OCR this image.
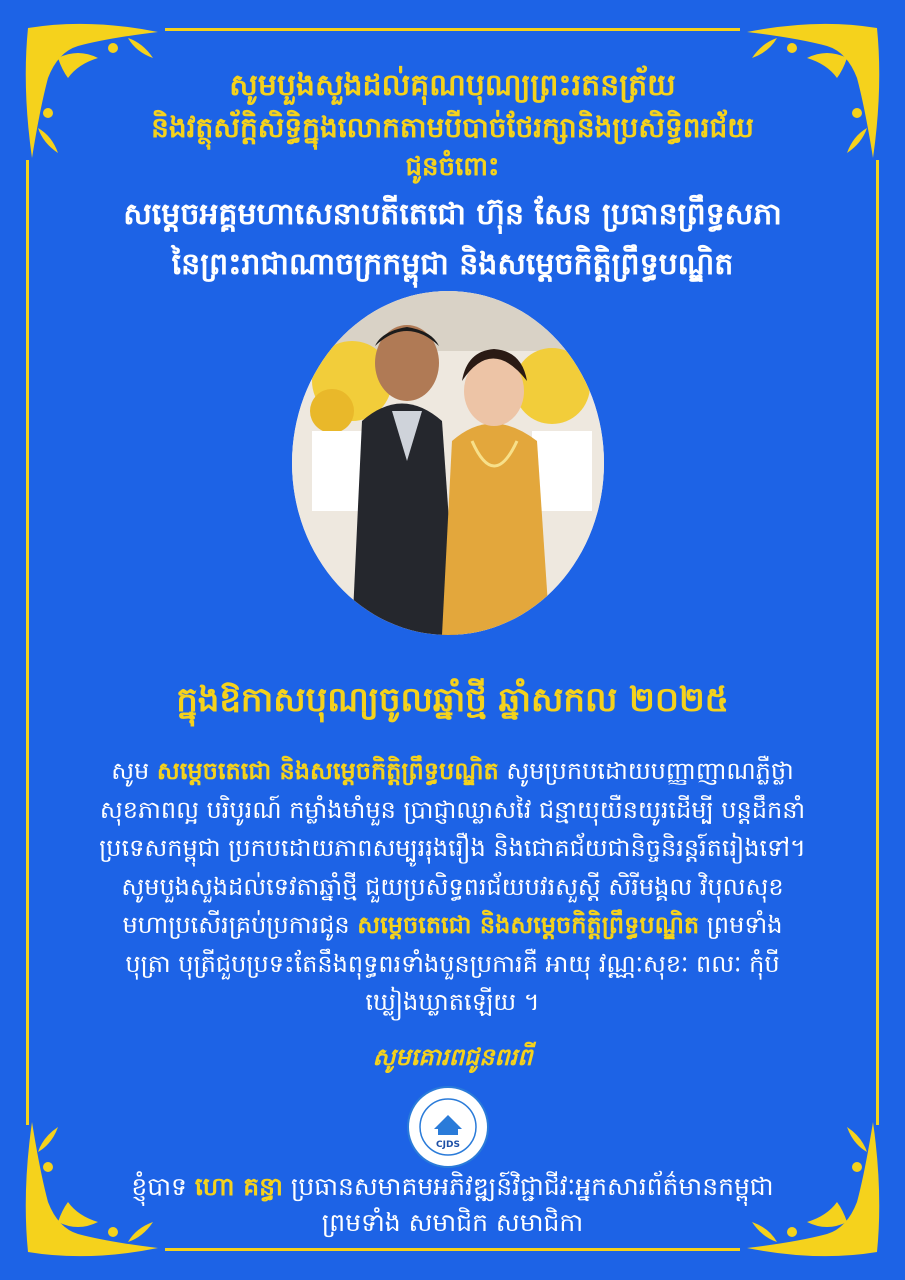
សូមបួងសួងដល់គុណបុណ្យព្រះរតនត្រ័យ
និងវត្ថុស័ក្តិសិទ្ធិក្នុងលោកតាមបីបាច់ថែរក្សានិងប្រសិទ្ធិពរជ័យ
ជូនចំពោះ
សម្តេចអគ្គមហាសេនាបតីតេជោ ហ៊ុន សែន ប្រធានព្រឹទ្ធសភា
នៃព្រះរាជាណាចក្រកម្ពុជា និងសម្តេចកិត្តិព្រឹទ្ធបណ្ឌិត
ក្នុងឱកាសបុណ្យចូលឆ្នាំថ្មី ឆ្នាំសកល ២០២៥
សូម សម្តេចតេជោ និងសម្តេចកិត្តិព្រឹទ្ធបណ្ឌិត សូមប្រកបដោយបញ្ញាញាណភ្លឺថ្លា
សុខភាពល្អ បរិបូរណ៍ កម្លាំងមាំមួន ប្រាជ្ញាឈ្លាសវៃ ជន្មាយុយឺនយូរដើម្បី បន្តដឹកនាំ
ប្រទេសកម្ពុជា ប្រកបដោយភាពសម្បូររុងរឿង និងជោគជ័យជានិច្ចនិរន្តរ៍តរៀងទៅ។
សូមបួងសួងដល់ទេវតាឆ្នាំថ្មី ជួយប្រសិទ្ធពរជ័យបវរសួស្តី សិរីមង្គល វិបុលសុខ
មហាប្រសើរគ្រប់ប្រការជូន សម្តេចតេជោ និងសម្តេចកិត្តិព្រឹទ្ធបណ្ឌិត ព្រមទាំង
បុត្រា បុត្រីជួបប្រទះតែនឹងពុទ្ធពរទាំងបួនប្រការគឺ អាយុ វណ្ណៈសុខៈ ពលៈ កុំបី
ឃ្លៀងឃ្លាតឡើយ ។
សូមគោរពជូនពរពី
CJDS
ខ្ញុំបាទ ហោ គន្ធា ប្រធានសមាគមអភិវឌ្ឍន៍វិជ្ជាជីវៈអ្នកសារព័ត៌មានកម្ពុជា
ព្រមទាំង សមាជិក សមាជិកា
